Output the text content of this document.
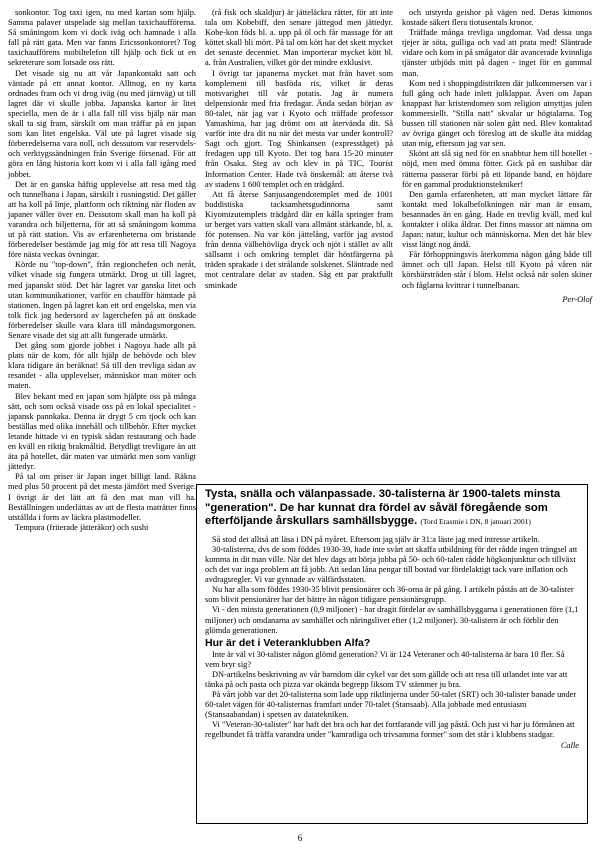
sonkontor. Tog taxi igen, nu med kartan som hjälp. Samma palaver utspelade sig mellan taxichaufförerna. Så småningom kom vi dock iväg och hamnade i alla fall på rätt gata. Men var fanns Ericssonkontoret? Tog taxichaufförens mobiltelefon till hjälp och fick ut en sekreterare som lotsade oss rätt.

Det visade sig nu att vår Japankontakt satt och väntade på ett annat kontor. Alltnog, en ny karta ordnades fram och vi drog iväg (nu med järnväg) ut till lagret där vi skulle jobba. Japanska kartor är litet speciella, men de är i alla fall till viss hjälp när man skall ta sig fram, särskilt om man träffar på en japan som kan litet engelska. Väl ute på lagret visade sig förberedelserna vara noll, och dessutom var reservdels- och verktygssändningen från Sverige försenad. För att göra en lång historia kort kom vi i alla fall igång med jobbet.

Det är en ganska häftig upplevelse att resa med tåg och tunnelbana i Japan, särskilt i rusningstid. Det gäller att ha koll på linje, plattform och riktning när floden av japaner väller över en. Dessutom skall man ha koll på varandra och biljetterna, för att så småningom komma ut på rätt station. Vis av erfarenheterna om bristande förberedelser bestämde jag mig för att resa till Nagoya före nästa veckas övningar.

Körde nu "top-down", från regionchefen och neråt, vilket visade sig fungera utmärkt. Drog ut till lagret, med japanskt stöd. Det här lagret var ganska litet och utan kommunikationer, varför en chaufför hämtade på stationen. Ingen på lagret kan ett ord engelska, men via tolk fick jag hedersord av lagerchefen på att önskade förberedelser skulle vara klara till måndagsmorgonen. Senare visade det sig att allt fungerade utmärkt.

Det gång som gjorde jobbet i Nagoya hade allt på plats när de kom, för allt hjälp de behövde och blev klara tidigare än beräknat! Så till den trevliga sidan av resandet - alla upplevelser, människor man möter och maten.

Blev bekant med en japan som hjälpte oss på många sätt, och som också visade oss på en lokal specialitet - japansk pannkaka. Denna är drygt 5 cm tjock och kan beställas med olika innehåll och tillbehör. Efter mycket letande hittade vi en typisk sådan restaurang och hade en kväll en riktig brakmåltid. Betydligt trevligare än att äta på hotellet, där maten var utmärkt men som vanligt jättedyr.

På tal om priser är Japan inget billigt land. Räkna med plus 50 procent på det mesta jämfört med Sverige. I övrigt är det lätt att få den mat man vill ha. Beställningen underlättas av att de flesta maträtter finns utställda i form av läckra plastmodeller.

Tempura (friterade jätteräkor) och sushi

(rå fisk och skaldjur) är jätteläckra rätter, för att inte tala om Kobebiff, den senare jättegod men jättedyr. Kobe-kon föds bl. a. upp på öl och får massage för att köttet skall bli mört. På tal om kött har det skett mycket det senaste decenniet. Man importerar mycket kött bl. a. från Australien, vilket gör det mindre exklusivt.

I övrigt tar japanerna mycket mat från havet som komplement till basföda ris, vilket är deras motsvarighet till vår potatis. Jag är numera delpensionär med fria fredagar. Ända sedan början av 80-talet, när jag var i Kyoto och träffade professor Yamashima, har jag drömt om att återvända dit. Så varför inte dra dit nu när det mesta var under kontroll? Sagt och gjort. Tog Shinkansen (expresståget) på fredagen upp till Kyoto. Det tog bara 15-20 minuter från Osaka. Steg av och klev in på TIC, Tourist Information Center. Hade två önskemål: att återse två av stadens 1 600 templet och en trädgård.

Att få återse Sanjusangendotemplet med de 1001 buddistiska tacksamhetsgudinnorna samt Kiyomizutemplets trädgård där en källa springer fram ur berget vars vatten skall vara allmänt stärkande, bl. a. för potensen. Nu var kön jättelång, varför jag avstod från denna välbehövliga dryck och njöt i stället av allt sällsamt i och omkring templet där höstfärgerna på träden sprakade i det strålande solskenet. Släntrade ned mot centralare delar av staden. Såg ett par praktfullt sminkade

och utstyrda geishor på vägen ned. Deras kimonos kostade säkert flera tiotusentals kronor.

Träffade många trevliga ungdomar. Vad dessa unga tjejer är söta, gulliga och vad att prata med! Släntrade vidare och kom in på smågator där avancerade kvinnliga tjänster utbjöds mitt på dagen - inget för en gammal man.

Kom ned i shoppingdistrikten där julkommersen var i full gång och hade inlett julklappar. Även om Japan knappast har kristendomen som religion utnyttjas julen kommersiellt. "Stilla natt" skvalar ur högtalarna. Tog bussen till stationen när solen gått ned. Blev kontaktad av övriga gänget och föreslog att de skulle äta middag utan mig, eftersom jag var sen.

Skönt att slå sig ned för en snabbtur hem till hotellet - nöjd, men med ömma fötter. Gick på en sushibar där rätterna passerar förbi på ett löpande band, en höjdare för en gammal produktionstekniker!

Den gamla erfarenheten, att man mycket lättare får kontakt med lokalbefolkningen när man är ensam, besannades än en gång. Hade en trevlig kväll, med kul kontakter i olika åldrar. Det finns massor att nämna om Japan: natur, kultur och människorna. Men det här blev visst längt nog ändå.

Får förhoppningsvis återkomma någon gång både till ämnet och till Japan. Helst till Kyoto på våren när körsbärsträden står i blom. Helst också när solen skiner och fåglarna kvittrar i tunnelbanan.

Per-Olof

Tysta, snälla och välanpassade. 30-talisterna är 1900-talets minsta "generation". De har kunnat dra fördel av såväl föregående som efterföljande årskullars samhällsbygge. (Tord Erasmie i DN, 8 januari 2001)

Så stod det alltså att läsa i DN på nyåret. Eftersom jag själv är 31:a läste jag med intresse artikeln.

30-talisterna, dvs de som föddes 1930-39, hade inte svårt att skaffa utbildning för det rådde ingen trängsel att komma in dit man ville. När det blev dags att börja jobba på 50- och 60-talen rådde högkonjunktur och tillväxt och det var inga problem att få jobb. Att sedan låna pengar till bostad var fördelaktigt tack vare inflation och avdragsregler. Vi var gynnade av välfärdsstaten.

Nu har alla som föddes 1930-35 blivit pensionärer och 36-orna är på gång. I artikeln påstås att de 30-talister som blivit pensionärer har det bättre än någon tidigare pensionärsgrupp.

Vi - den minsta generationen (0,9 miljoner) - har dragit fördelar av samhällsbyggarna i generationen före (1,1 miljoner) och omdanarna av samhället och näringslivet efter (1,2 miljoner). 30-talistern är och förblir den glömda generationen.

Hur är det i Veteranklubben Alfa?

Inte är väl vi 30-talister någon glömd generation? Vi är 124 Veteraner och 40-talisterna är bara 10 fler. Så vem bryr sig?

DN-artikelns beskrivning av vår barndom där cykel var det som gällde och att resa till utlandet inte var att tänka på och pasta och pizza var okända begrepp liksom TV stämmer ju bra.

På vårt jobb var det 20-talisterna som lade upp riktlinjerna under 50-talet (SRT) och 30-talister banade under 60-talet vägen för 40-talisternas framfart under 70-talet (Stansaab). Alla jobbade med entusiasm (Stansaabandan) i spetsen av datatekniken.

Vi "Veteran-30-talister" har haft det bra och har det fortfarande vill jag påstå. Och just vi har ju förmånen att regelbundet få träffa varandra under "kamratliga och trivsamma former" som det står i klubbens stadgar.

Calle

6
